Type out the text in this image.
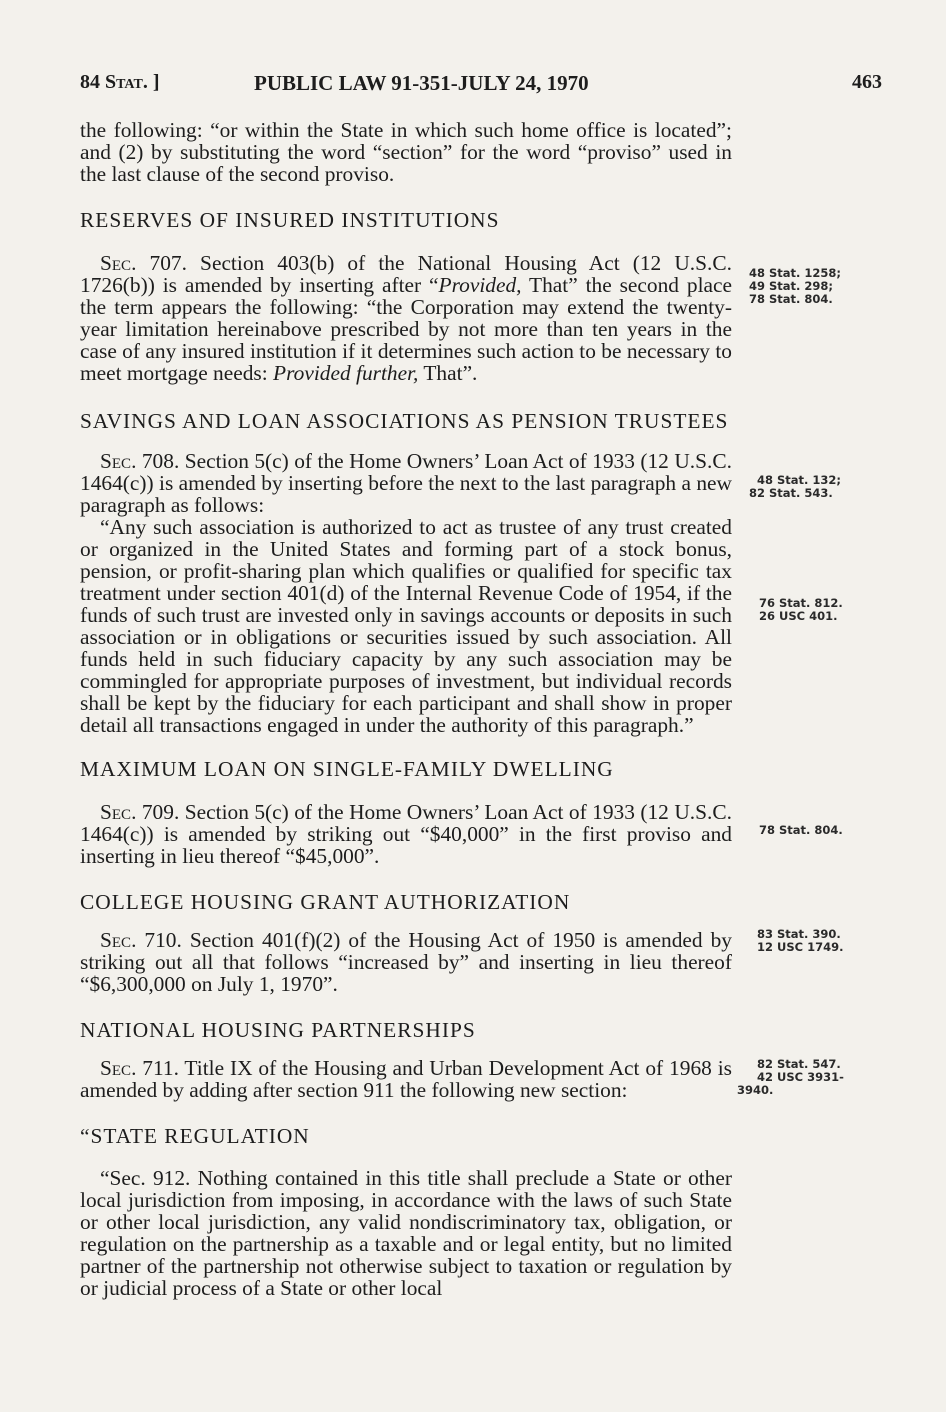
84 Stat. ]	PUBLIC LAW 91-351-JULY 24, 1970	463

the following: “or within the State in which such home office is located”; and (2) by substituting the word “section” for the word “proviso” used in the last clause of the second proviso.

RESERVES OF INSURED INSTITUTIONS

Sec. 707. Section 403(b) of the National Housing Act (12 U.S.C. 1726(b)) is amended by inserting after “Provided, That” the second place the term appears the following: “the Corporation may extend the twenty-year limitation hereinabove prescribed by not more than ten years in the case of any insured institution if it determines such action to be necessary to meet mortgage needs: Provided further, That”.

SAVINGS AND LOAN ASSOCIATIONS AS PENSION TRUSTEES

Sec. 708. Section 5(c) of the Home Owners’ Loan Act of 1933 (12 U.S.C. 1464(c)) is amended by inserting before the next to the last paragraph a new paragraph as follows:

“Any such association is authorized to act as trustee of any trust created or organized in the United States and forming part of a stock bonus, pension, or profit-sharing plan which qualifies or qualified for specific tax treatment under section 401(d) of the Internal Revenue Code of 1954, if the funds of such trust are invested only in savings accounts or deposits in such association or in obligations or securities issued by such association. All funds held in such fiduciary capacity by any such association may be commingled for appropriate purposes of investment, but individual records shall be kept by the fiduciary for each participant and shall show in proper detail all transactions engaged in under the authority of this paragraph.”

MAXIMUM LOAN ON SINGLE-FAMILY DWELLING

Sec. 709. Section 5(c) of the Home Owners’ Loan Act of 1933 (12 U.S.C. 1464(c)) is amended by striking out “$40,000” in the first proviso and inserting in lieu thereof “$45,000”.

COLLEGE HOUSING GRANT AUTHORIZATION

Sec. 710. Section 401(f)(2) of the Housing Act of 1950 is amended by striking out all that follows “increased by” and inserting in lieu thereof “$6,300,000 on July 1, 1970”.

NATIONAL HOUSING PARTNERSHIPS

Sec. 711. Title IX of the Housing and Urban Development Act of 1968 is amended by adding after section 911 the following new section:

“STATE REGULATION

“Sec. 912. Nothing contained in this title shall preclude a State or other local jurisdiction from imposing, in accordance with the laws of such State or other local jurisdiction, any valid nondiscriminatory tax, obligation, or regulation on the partnership as a taxable and or legal entity, but no limited partner of the partnership not otherwise subject to taxation or regulation by or judicial process of a State or other local

48 Stat. 1258;
49 Stat. 298;
78 Stat. 804.
48 Stat. 132;
82 Stat. 543.
76 Stat. 812.
26 USC 401.
78 Stat. 804.
83 Stat. 390.
12 USC 1749.
82 Stat. 547.
42 USC 3931-
3940.
